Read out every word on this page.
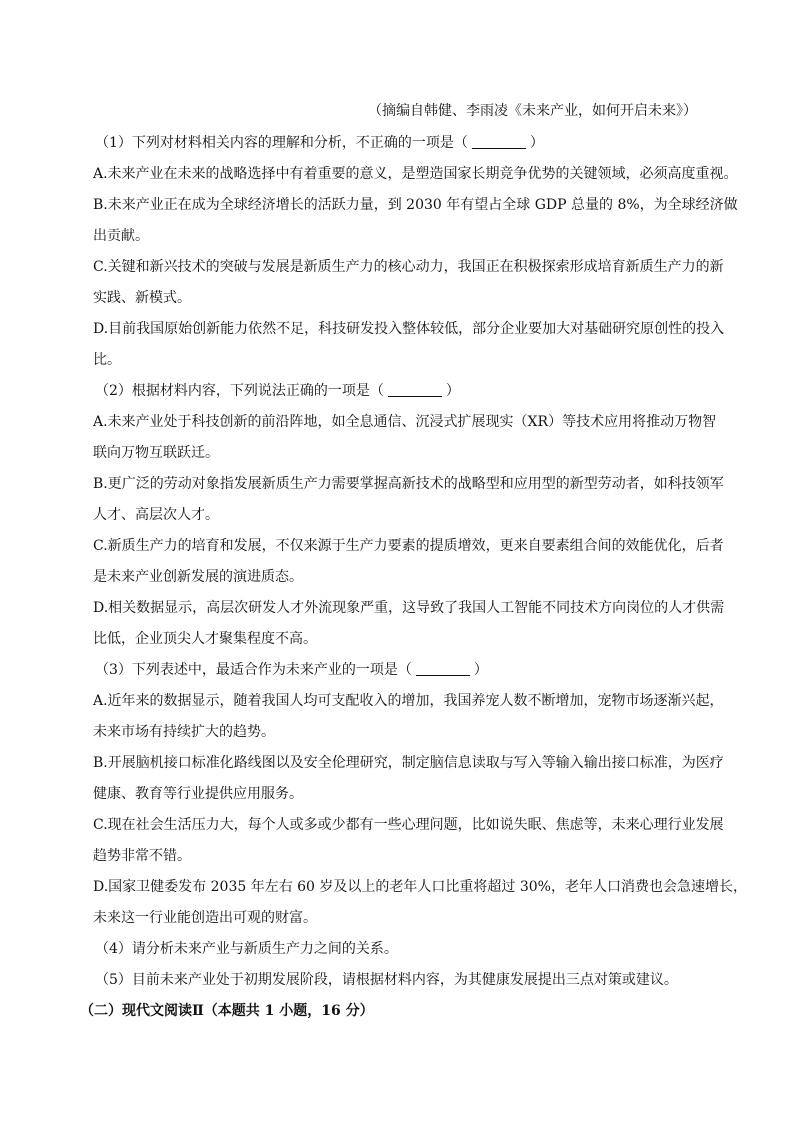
（摘编自韩健、李雨凌《未来产业，如何开启未来》）
（1）下列对材料相关内容的理解和分析，不正确的一项是（	）
A.未来产业在未来的战略选择中有着重要的意义，是塑造国家长期竞争优势的关键领域，必须高度重视。
B.未来产业正在成为全球经济增长的活跃力量，到 2030 年有望占全球 GDP 总量的 8%，为全球经济做
出贡献。
C.关键和新兴技术的突破与发展是新质生产力的核心动力，我国正在积极探索形成培育新质生产力的新
实践、新模式。
D.目前我国原始创新能力依然不足，科技研发投入整体较低，部分企业要加大对基础研究原创性的投入
比。
（2）根据材料内容，下列说法正确的一项是（	）
A.未来产业处于科技创新的前沿阵地，如全息通信、沉浸式扩展现实（XR）等技术应用将推动万物智
联向万物互联跃迁。
B.更广泛的劳动对象指发展新质生产力需要掌握高新技术的战略型和应用型的新型劳动者，如科技领军
人才、高层次人才。
C.新质生产力的培育和发展，不仅来源于生产力要素的提质增效，更来自要素组合间的效能优化，后者
是未来产业创新发展的演进质态。
D.相关数据显示，高层次研发人才外流现象严重，这导致了我国人工智能不同技术方向岗位的人才供需
比低，企业顶尖人才聚集程度不高。
（3）下列表述中，最适合作为未来产业的一项是（	）
A.近年来的数据显示，随着我国人均可支配收入的增加，我国养宠人数不断增加，宠物市场逐渐兴起，
未来市场有持续扩大的趋势。
B.开展脑机接口标准化路线图以及安全伦理研究，制定脑信息读取与写入等输入输出接口标准，为医疗
健康、教育等行业提供应用服务。
C.现在社会生活压力大，每个人或多或少都有一些心理问题，比如说失眠、焦虑等，未来心理行业发展
趋势非常不错。
D.国家卫健委发布 2035 年左右 60 岁及以上的老年人口比重将超过 30%，老年人口消费也会急速增长，
未来这一行业能创造出可观的财富。
（4）请分析未来产业与新质生产力之间的关系。
（5）目前未来产业处于初期发展阶段，请根据材料内容，为其健康发展提出三点对策或建议。
（二）现代文阅读Ⅱ（本题共 1 小题，16 分）
